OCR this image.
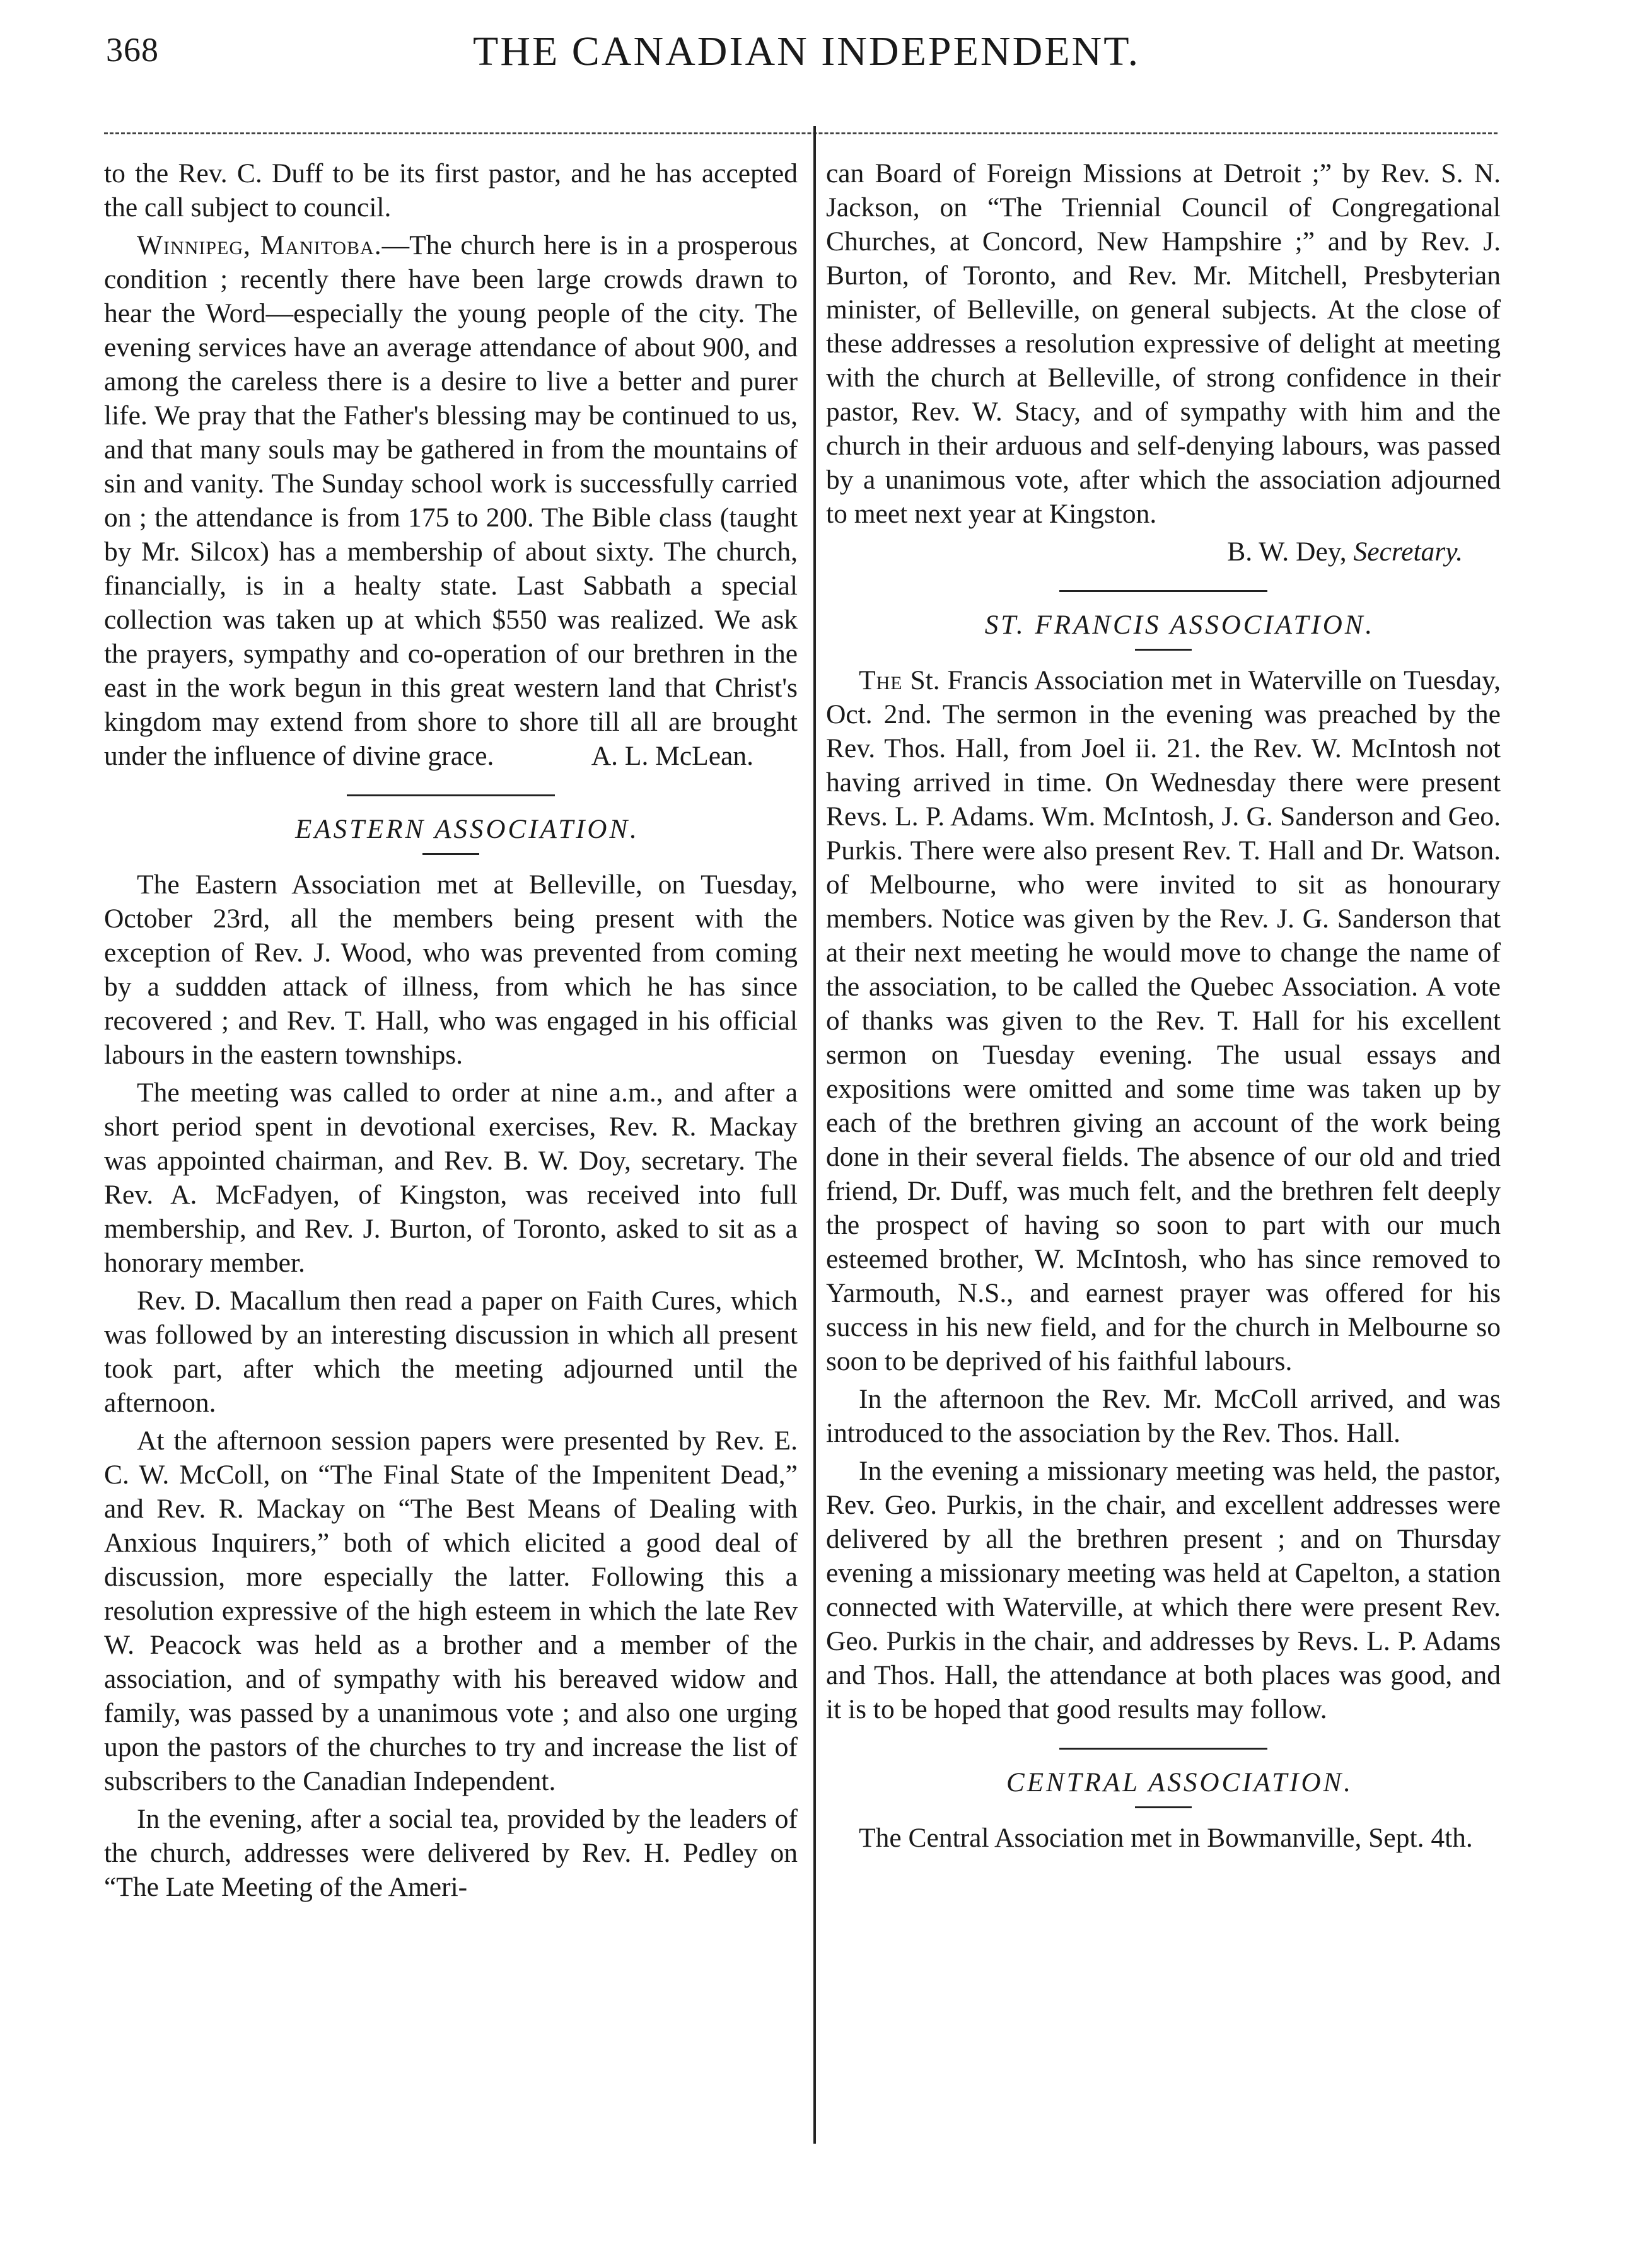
368	THE CANADIAN INDEPENDENT.

to the Rev. C. Duff to be its first pastor, and he has accepted the call subject to council.

Winnipeg, Manitoba.—The church here is in a prosperous condition ; recently there have been large crowds drawn to hear the Word—especially the young people of the city. The evening services have an average attendance of about 900, and among the careless there is a desire to live a better and purer life. We pray that the Father's blessing may be continued to us, and that many souls may be gathered in from the mountains of sin and vanity. The Sunday school work is successfully carried on ; the attendance is from 175 to 200. The Bible class (taught by Mr. Silcox) has a membership of about sixty. The church, financially, is in a healty state. Last Sabbath a special collection was taken up at which $550 was realized. We ask the prayers, sympathy and co-operation of our brethren in the east in the work begun in this great western land that Christ's kingdom may extend from shore to shore till all are brought under the influence of divine grace.	A. L. McLean.

EASTERN ASSOCIATION.

The Eastern Association met at Belleville, on Tuesday, October 23rd, all the members being present with the exception of Rev. J. Wood, who was prevented from coming by a suddden attack of illness, from which he has since recovered ; and Rev. T. Hall, who was engaged in his official labours in the eastern townships.

The meeting was called to order at nine a.m., and after a short period spent in devotional exercises, Rev. R. Mackay was appointed chairman, and Rev. B. W. Doy, secretary. The Rev. A. McFadyen, of Kingston, was received into full membership, and Rev. J. Burton, of Toronto, asked to sit as a honorary member.

Rev. D. Macallum then read a paper on Faith Cures, which was followed by an interesting discussion in which all present took part, after which the meeting adjourned until the afternoon.

At the afternoon session papers were presented by Rev. E. C. W. McColl, on “The Final State of the Impenitent Dead,” and Rev. R. Mackay on “The Best Means of Dealing with Anxious Inquirers,” both of which elicited a good deal of discussion, more especially the latter. Following this a resolution expressive of the high esteem in which the late Rev W. Peacock was held as a brother and a member of the association, and of sympathy with his bereaved widow and family, was passed by a unanimous vote ; and also one urging upon the pastors of the churches to try and increase the list of subscribers to the Canadian Independent.

In the evening, after a social tea, provided by the leaders of the church, addresses were delivered by Rev. H. Pedley on “The Late Meeting of the Ameri-

can Board of Foreign Missions at Detroit ;” by Rev. S. N. Jackson, on “The Triennial Council of Congregational Churches, at Concord, New Hampshire ;” and by Rev. J. Burton, of Toronto, and Rev. Mr. Mitchell, Presbyterian minister, of Belleville, on general subjects. At the close of these addresses a resolution expressive of delight at meeting with the church at Belleville, of strong confidence in their pastor, Rev. W. Stacy, and of sympathy with him and the church in their arduous and self-denying labours, was passed by a unanimous vote, after which the association adjourned to meet next year at Kingston.

B. W. Dey, Secretary.

ST. FRANCIS ASSOCIATION.

The St. Francis Association met in Waterville on Tuesday, Oct. 2nd. The sermon in the evening was preached by the Rev. Thos. Hall, from Joel ii. 21. the Rev. W. McIntosh not having arrived in time. On Wednesday there were present Revs. L. P. Adams. Wm. McIntosh, J. G. Sanderson and Geo. Purkis. There were also present Rev. T. Hall and Dr. Watson. of Melbourne, who were invited to sit as honourary members. Notice was given by the Rev. J. G. Sanderson that at their next meeting he would move to change the name of the association, to be called the Quebec Association. A vote of thanks was given to the Rev. T. Hall for his excellent sermon on Tuesday evening. The usual essays and expositions were omitted and some time was taken up by each of the brethren giving an account of the work being done in their several fields. The absence of our old and tried friend, Dr. Duff, was much felt, and the brethren felt deeply the prospect of having so soon to part with our much esteemed brother, W. McIntosh, who has since removed to Yarmouth, N.S., and earnest prayer was offered for his success in his new field, and for the church in Melbourne so soon to be deprived of his faithful labours.

In the afternoon the Rev. Mr. McColl arrived, and was introduced to the association by the Rev. Thos. Hall.

In the evening a missionary meeting was held, the pastor, Rev. Geo. Purkis, in the chair, and excellent addresses were delivered by all the brethren present ; and on Thursday evening a missionary meeting was held at Capelton, a station connected with Waterville, at which there were present Rev. Geo. Purkis in the chair, and addresses by Revs. L. P. Adams and Thos. Hall, the attendance at both places was good, and it is to be hoped that good results may follow.

CENTRAL ASSOCIATION.

The Central Association met in Bowmanville, Sept. 4th.
